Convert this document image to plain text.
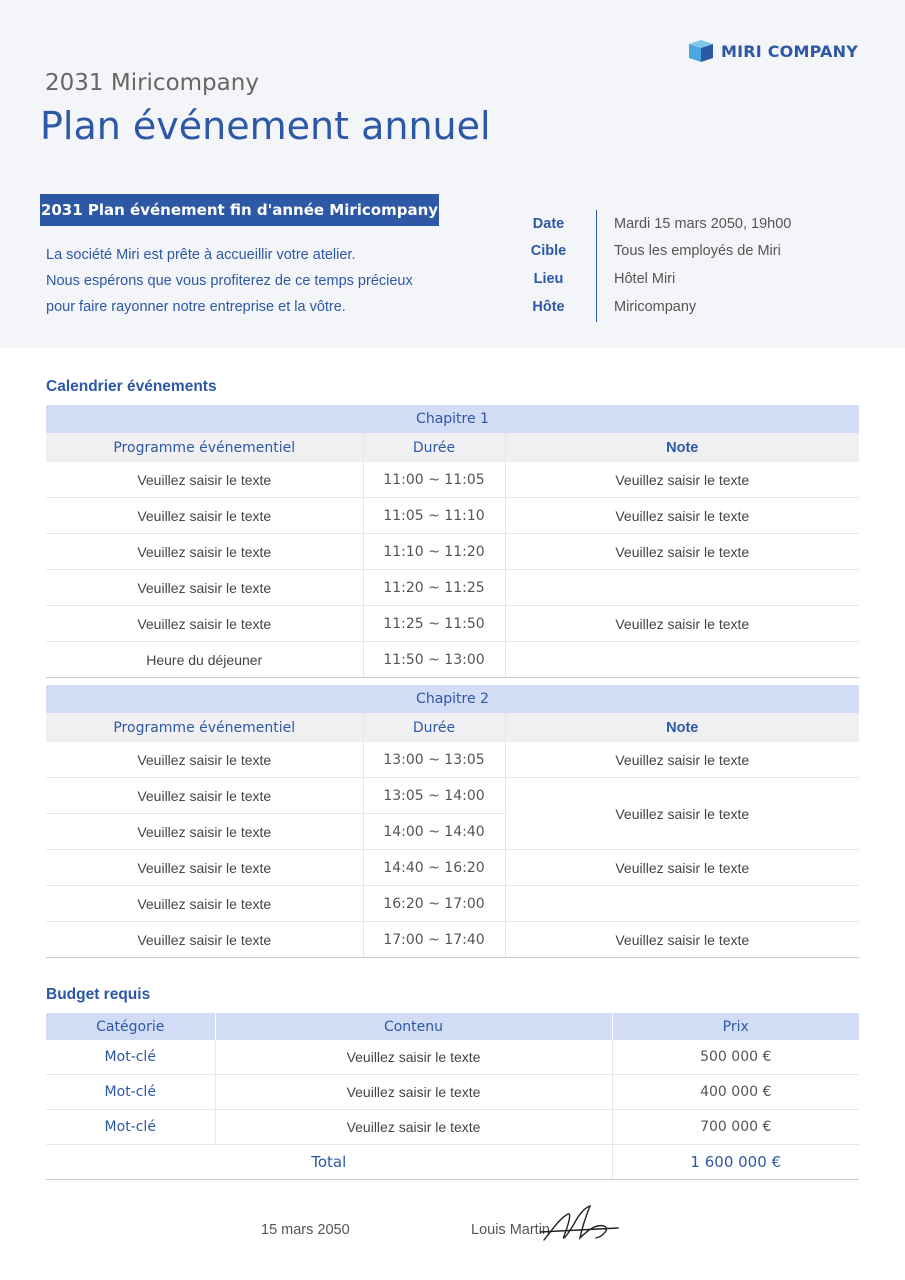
MIRI COMPANY
2031 Miricompany
Plan événement annuel
2031 Plan événement fin d'année Miricompany
La société Miri est prête à accueillir votre atelier.
Nous espérons que vous profiterez de ce temps précieux
pour faire rayonner notre entreprise et la vôtre.
Date	Mardi 15 mars 2050, 19h00
Cible	Tous les employés de Miri
Lieu	Hôtel Miri
Hôte	Miricompany
Calendrier événements
Chapitre 1		
Programme événementiel	Durée	Note
Veuillez saisir le texte	11:00 ~ 11:05	Veuillez saisir le texte
Veuillez saisir le texte	11:05 ~ 11:10	Veuillez saisir le texte
Veuillez saisir le texte	11:10 ~ 11:20	Veuillez saisir le texte
Veuillez saisir le texte	11:20 ~ 11:25	
Veuillez saisir le texte	11:25 ~ 11:50	Veuillez saisir le texte
Heure du déjeuner	11:50 ~ 13:00	
Chapitre 2		
Programme événementiel	Durée	Note
Veuillez saisir le texte	13:00 ~ 13:05	Veuillez saisir le texte
Veuillez saisir le texte	13:05 ~ 14:00	Veuillez saisir le texte
Veuillez saisir le texte	14:00 ~ 14:40	
Veuillez saisir le texte	14:40 ~ 16:20	Veuillez saisir le texte
Veuillez saisir le texte	16:20 ~ 17:00	
Veuillez saisir le texte	17:00 ~ 17:40	Veuillez saisir le texte
Budget requis
Catégorie	Contenu	Prix
Mot-clé	Veuillez saisir le texte	500 000 €
Mot-clé	Veuillez saisir le texte	400 000 €
Mot-clé	Veuillez saisir le texte	700 000 €
Total		1 600 000 €
15 mars 2050	Louis Martin
